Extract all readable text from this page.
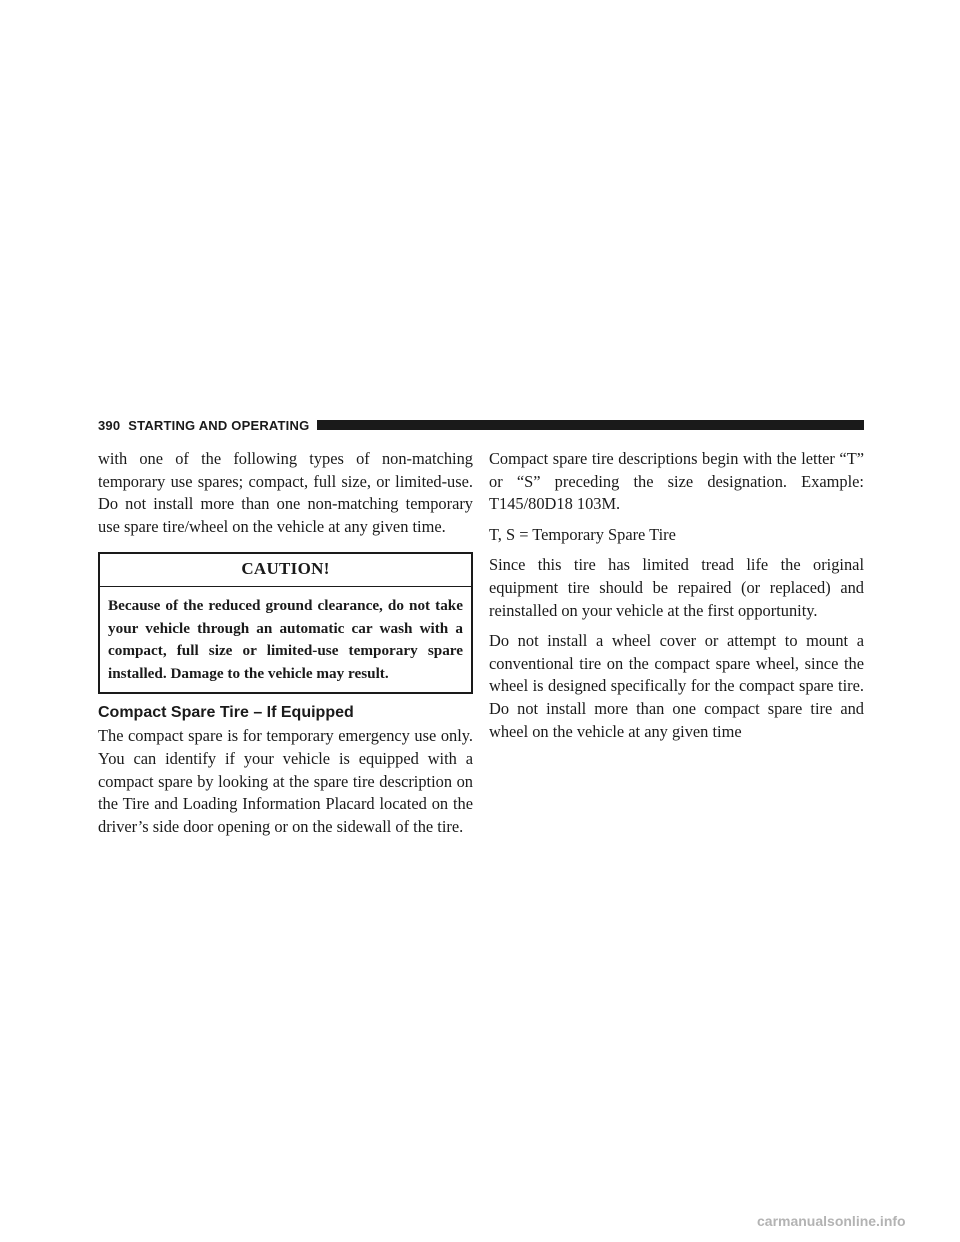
390 STARTING AND OPERATING

with one of the following types of non-matching temporary use spares; compact, full size, or limited-use. Do not install more than one non-matching temporary use spare tire/wheel on the vehicle at any given time.

CAUTION!
Because of the reduced ground clearance, do not take your vehicle through an automatic car wash with a compact, full size or limited-use temporary spare installed. Damage to the vehicle may result.
Compact Spare Tire – If Equipped

The compact spare is for temporary emergency use only. You can identify if your vehicle is equipped with a compact spare by looking at the spare tire description on the Tire and Loading Information Placard located on the driver’s side door opening or on the sidewall of the tire.

Compact spare tire descriptions begin with the letter “T” or “S” preceding the size designation. Example: T145/80D18 103M.

T, S = Temporary Spare Tire

Since this tire has limited tread life the original equipment tire should be repaired (or replaced) and reinstalled on your vehicle at the first opportunity.

Do not install a wheel cover or attempt to mount a conventional tire on the compact spare wheel, since the wheel is designed specifically for the compact spare tire. Do not install more than one compact spare tire and wheel on the vehicle at any given time

carmanualsonline.info
